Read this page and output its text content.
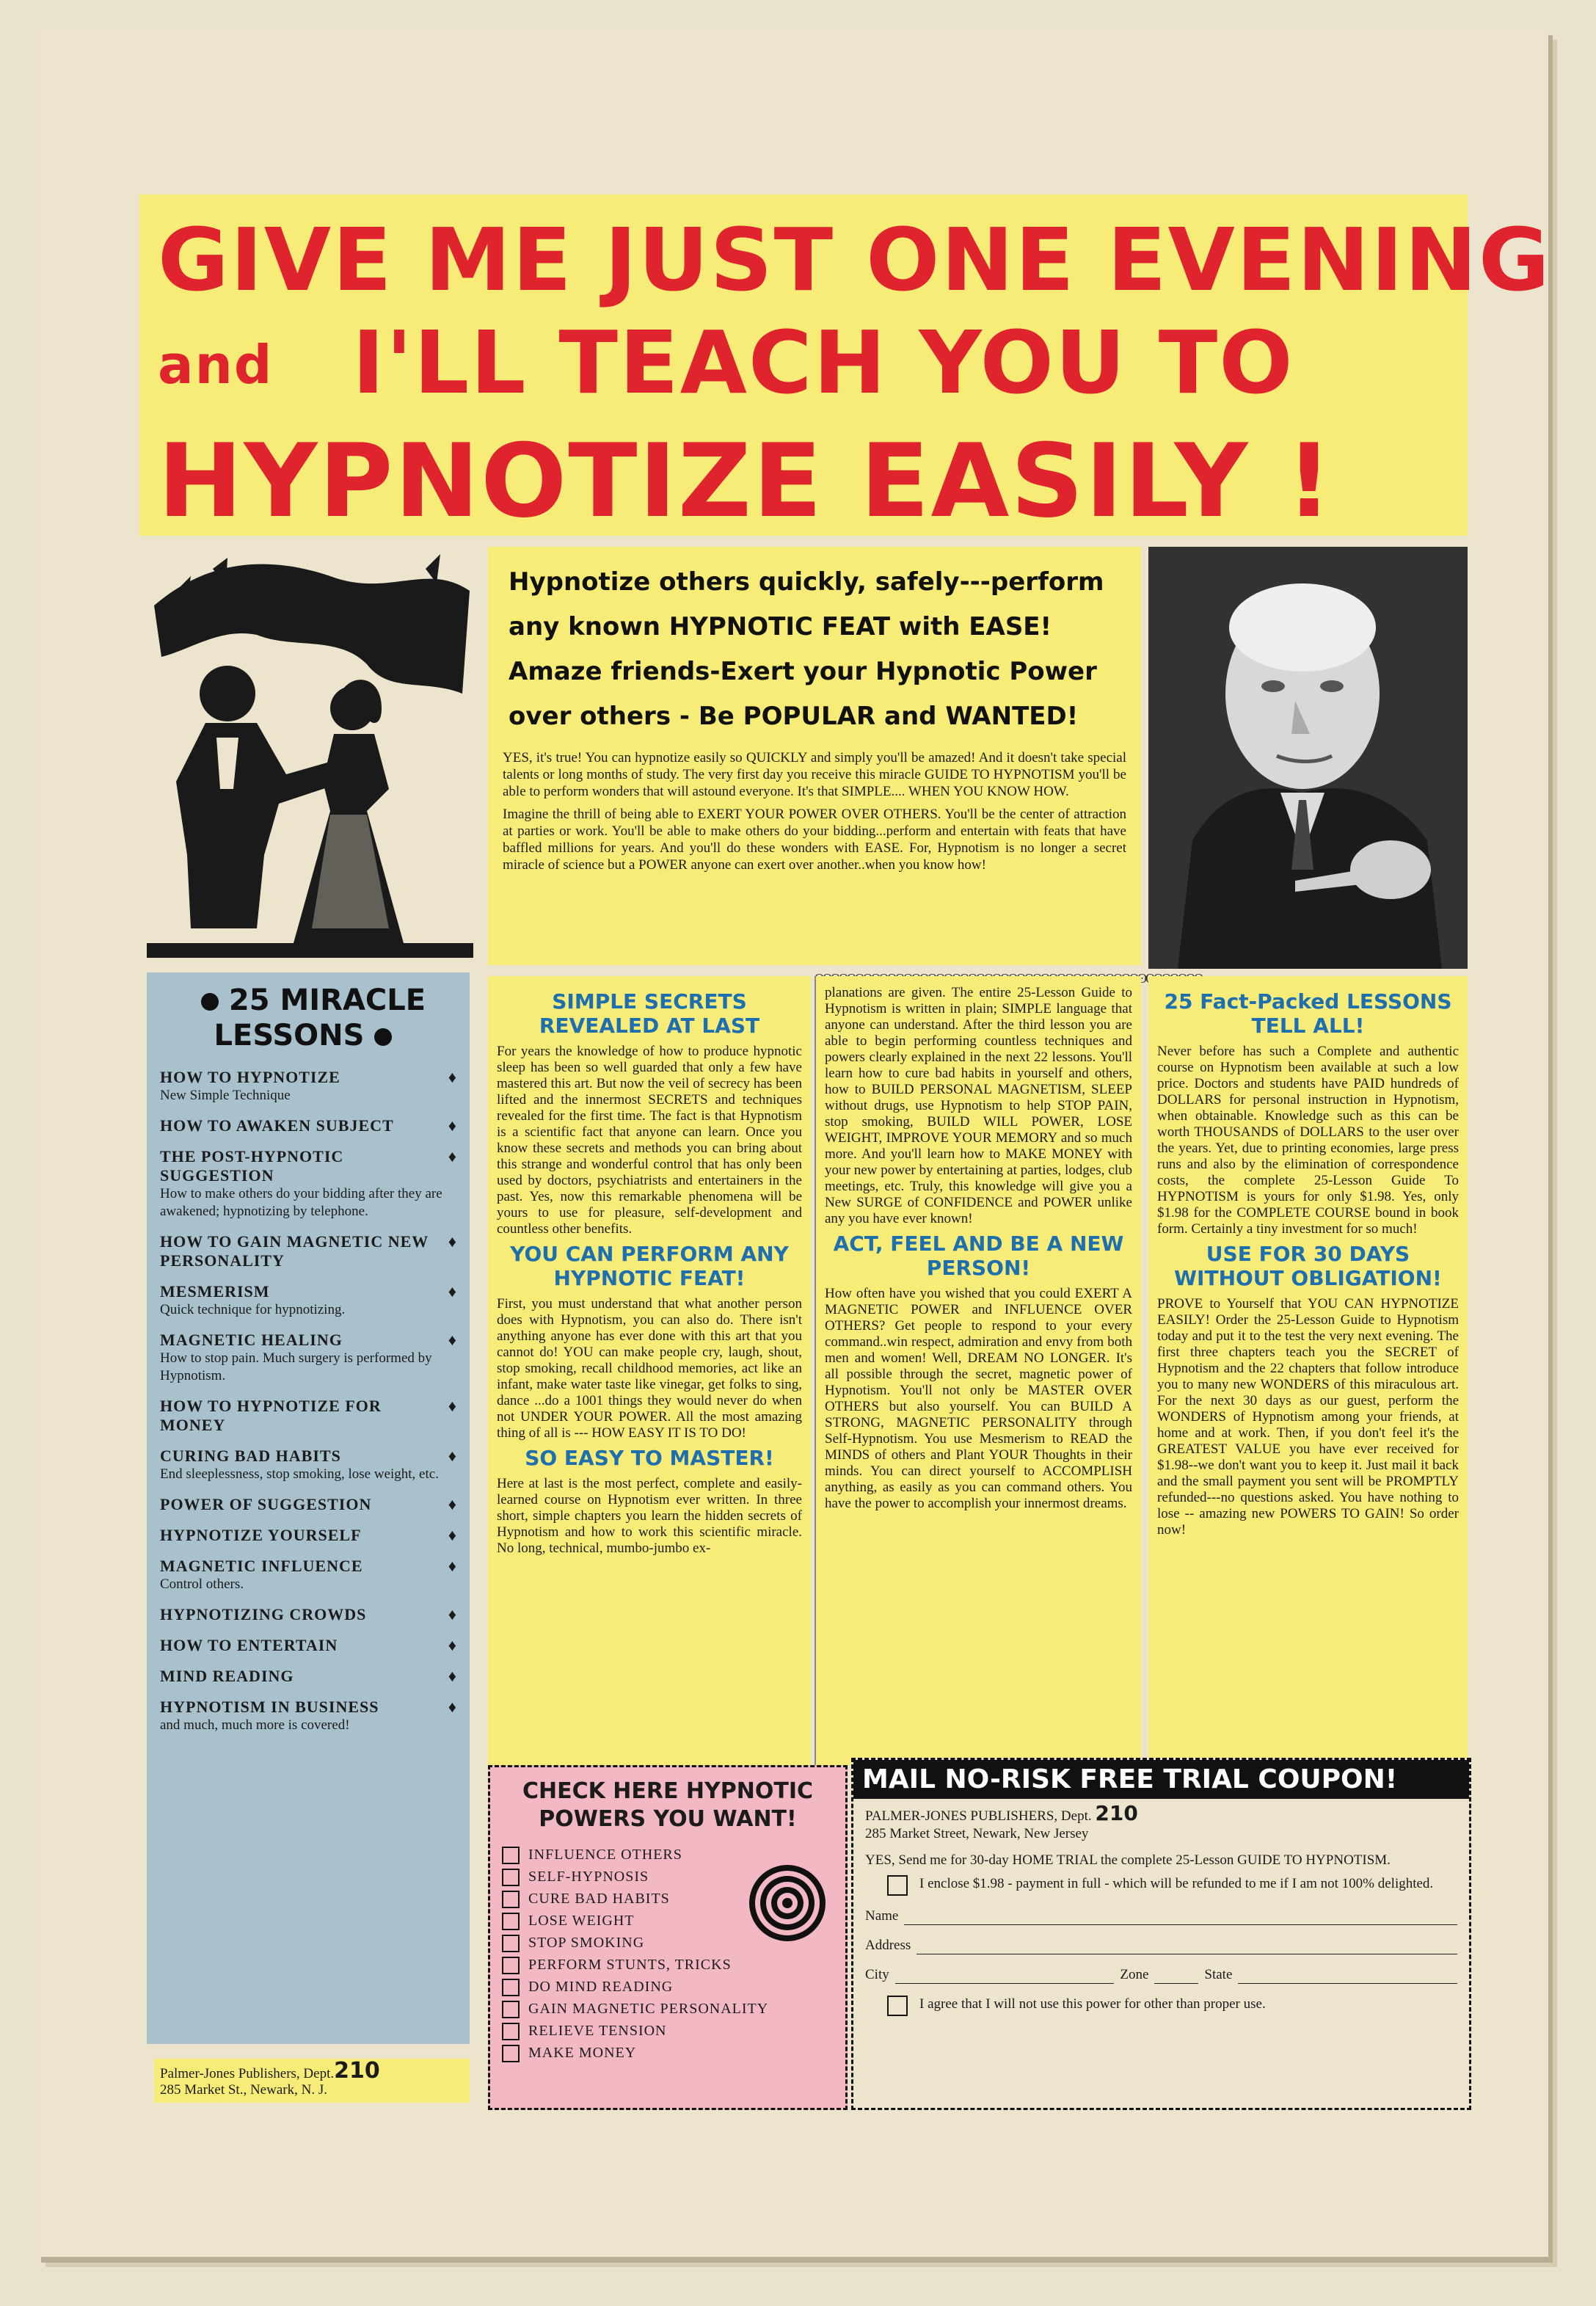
GIVE ME JUST ONE EVENING
and I'LL TEACH YOU TO
HYPNOTIZE EASILY !
Hypnotize others quickly, safely---perform
any known HYPNOTIC FEAT with EASE!
Amaze friends-Exert your Hypnotic Power
over others - Be POPULAR and WANTED!

YES, it's true! You can hypnotize easily so QUICKLY and simply you'll be amazed! And it doesn't take special talents or long months of study. The very first day you receive this miracle GUIDE TO HYPNOTISM you'll be able to perform wonders that will astound everyone. It's that SIMPLE.... WHEN YOU KNOW HOW.

Imagine the thrill of being able to EXERT YOUR POWER OVER OTHERS. You'll be the center of attraction at parties or work. You'll be able to make others do your bidding...perform and entertain with feats that have baffled millions for years. And you'll do these wonders with EASE. For, Hypnotism is no longer a secret miracle of science but a POWER anyone can exert over another..when you know how!

25 MIRACLE LESSONS
♦
HOW TO HYPNOTIZE
New Simple Technique
♦
HOW TO AWAKEN SUBJECT
♦
THE POST-HYPNOTIC SUGGESTION
How to make others do your bidding after they are awakened; hypnotizing by telephone.
♦
HOW TO GAIN MAGNETIC NEW PERSONALITY
♦
MESMERISM
Quick technique for hypnotizing.
♦
MAGNETIC HEALING
How to stop pain. Much surgery is performed by Hypnotism.
♦
HOW TO HYPNOTIZE FOR MONEY
♦
CURING BAD HABITS
End sleeplessness, stop smoking, lose weight, etc.
♦
POWER OF SUGGESTION
♦
HYPNOTIZE YOURSELF
♦
MAGNETIC INFLUENCE
Control others.
♦
HYPNOTIZING CROWDS
♦
HOW TO ENTERTAIN
♦
MIND READING
♦
HYPNOTISM IN BUSINESS
and much, much more is covered!
Palmer-Jones Publishers, Dept.210
285 Market St., Newark, N. J.
SIMPLE SECRETS REVEALED AT LAST
For years the knowledge of how to produce hypnotic sleep has been so well guarded that only a few have mastered this art. But now the veil of secrecy has been lifted and the innermost SECRETS and techniques revealed for the first time. The fact is that Hypnotism is a scientific fact that anyone can learn. Once you know these secrets and methods you can bring about this strange and wonderful control that has only been used by doctors, psychiatrists and entertainers in the past. Yes, now this remarkable phenomena will be yours to use for pleasure, self-development and countless other benefits.
YOU CAN PERFORM ANY HYPNOTIC FEAT!
First, you must understand that what another person does with Hypnotism, you can also do. There isn't anything anyone has ever done with this art that you cannot do! YOU can make people cry, laugh, shout, stop smoking, recall childhood memories, act like an infant, make water taste like vinegar, get folks to sing, dance ...do a 1001 things they would never do when not UNDER YOUR POWER. All the most amazing thing of all is --- HOW EASY IT IS TO DO!
SO EASY TO MASTER!
Here at last is the most perfect, complete and easily-learned course on Hypnotism ever written. In three short, simple chapters you learn the hidden secrets of Hypnotism and how to work this scientific miracle. No long, technical, mumbo-jumbo ex-
planations are given. The entire 25-Lesson Guide to Hypnotism is written in plain; SIMPLE language that anyone can understand. After the third lesson you are able to begin performing countless techniques and powers clearly explained in the next 22 lessons. You'll learn how to cure bad habits in yourself and others, how to BUILD PERSONAL MAGNETISM, SLEEP without drugs, use Hypnotism to help STOP PAIN, stop smoking, BUILD WILL POWER, LOSE WEIGHT, IMPROVE YOUR MEMORY and so much more. And you'll learn how to MAKE MONEY with your new power by entertaining at parties, lodges, club meetings, etc. Truly, this knowledge will give you a New SURGE of CONFIDENCE and POWER unlike any you have ever known!
ACT, FEEL AND BE A NEW PERSON!
How often have you wished that you could EXERT A MAGNETIC POWER and INFLUENCE OVER OTHERS? Get people to respond to your every command..win respect, admiration and envy from both men and women! Well, DREAM NO LONGER. It's all possible through the secret, magnetic power of Hypnotism. You'll not only be MASTER OVER OTHERS but also yourself. You can BUILD A STRONG, MAGNETIC PERSONALITY through Self-Hypnotism. You use Mesmerism to READ the MINDS of others and Plant YOUR Thoughts in their minds. You can direct yourself to ACCOMPLISH anything, as easily as you can command others. You have the power to accomplish your innermost dreams.
25 Fact-Packed LESSONS TELL ALL!
Never before has such a Complete and authentic course on Hypnotism been available at such a low price. Doctors and students have PAID hundreds of DOLLARS for personal instruction in Hypnotism, when obtainable. Knowledge such as this can be worth THOUSANDS of DOLLARS to the user over the years. Yet, due to printing economies, large press runs and also by the elimination of correspondence costs, the complete 25-Lesson Guide To HYPNOTISM is yours for only $1.98. Yes, only $1.98 for the COMPLETE COURSE bound in book form. Certainly a tiny investment for so much!
USE FOR 30 DAYS WITHOUT OBLIGATION!
PROVE to Yourself that YOU CAN HYPNOTIZE EASILY! Order the 25-Lesson Guide to Hypnotism today and put it to the test the very next evening. The first three chapters teach you the SECRET of Hypnotism and the 22 chapters that follow introduce you to many new WONDERS of this miraculous art. For the next 30 days as our guest, perform the WONDERS of Hypnotism among your friends, at home and at work. Then, if you don't feel it's the GREATEST VALUE you have ever received for $1.98--we don't want you to keep it. Just mail it back and the small payment you sent will be PROMPTLY refunded---no questions asked. You have nothing to lose -- amazing new POWERS TO GAIN! So order now!
CHECK HERE HYPNOTIC POWERS YOU WANT!
INFLUENCE OTHERS
SELF-HYPNOSIS
CURE BAD HABITS
LOSE WEIGHT
STOP SMOKING
PERFORM STUNTS, TRICKS
DO MIND READING
GAIN MAGNETIC PERSONALITY
RELIEVE TENSION
MAKE MONEY
MAIL NO-RISK FREE TRIAL COUPON!
PALMER-JONES PUBLISHERS, Dept. 210
285 Market Street, Newark, New Jersey
YES, Send me for 30-day HOME TRIAL the complete 25-Lesson GUIDE TO HYPNOTISM.
I enclose $1.98 - payment in full - which will be refunded to me if I am not 100% delighted.
Name
Address
City	Zone	State
I agree that I will not use this power for other than proper use.
